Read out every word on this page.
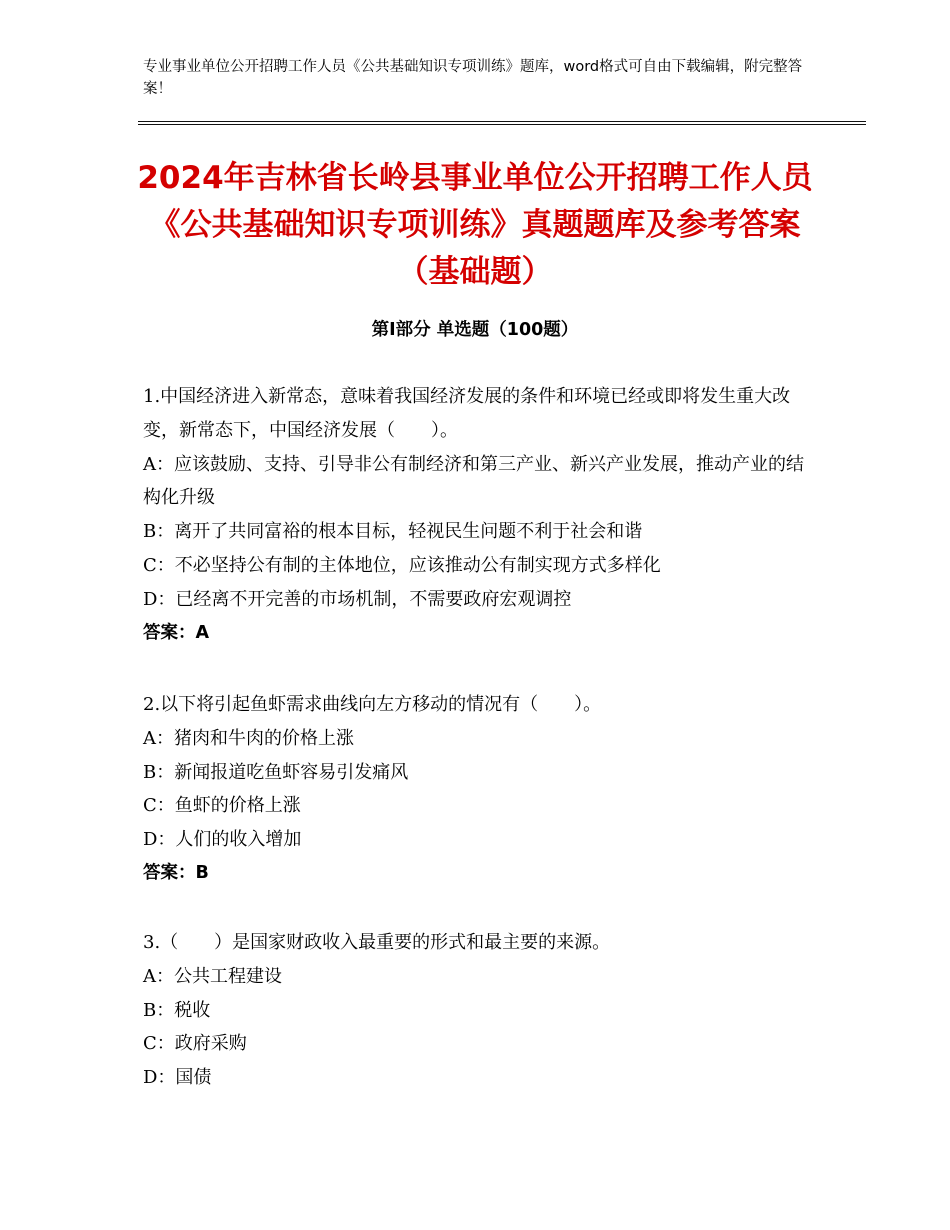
专业事业单位公开招聘工作人员《公共基础知识专项训练》题库，word格式可自由下载编辑，附完整答案！
2024年吉林省长岭县事业单位公开招聘工作人员《公共基础知识专项训练》真题题库及参考答案（基础题）
第Ⅰ部分 单选题（100题）

1.中国经济进入新常态，意味着我国经济发展的条件和环境已经或即将发生重大改变，新常态下，中国经济发展（　　）。

A：应该鼓励、支持、引导非公有制经济和第三产业、新兴产业发展，推动产业的结构化升级

B：离开了共同富裕的根本目标，轻视民生问题不利于社会和谐

C：不必坚持公有制的主体地位，应该推动公有制实现方式多样化

D：已经离不开完善的市场机制，不需要政府宏观调控

答案：A

2.以下将引起鱼虾需求曲线向左方移动的情况有（　　）。

A：猪肉和牛肉的价格上涨

B：新闻报道吃鱼虾容易引发痛风

C：鱼虾的价格上涨

D：人们的收入增加

答案：B

3.（　　）是国家财政收入最重要的形式和最主要的来源。

A：公共工程建设

B：税收

C：政府采购

D：国债
